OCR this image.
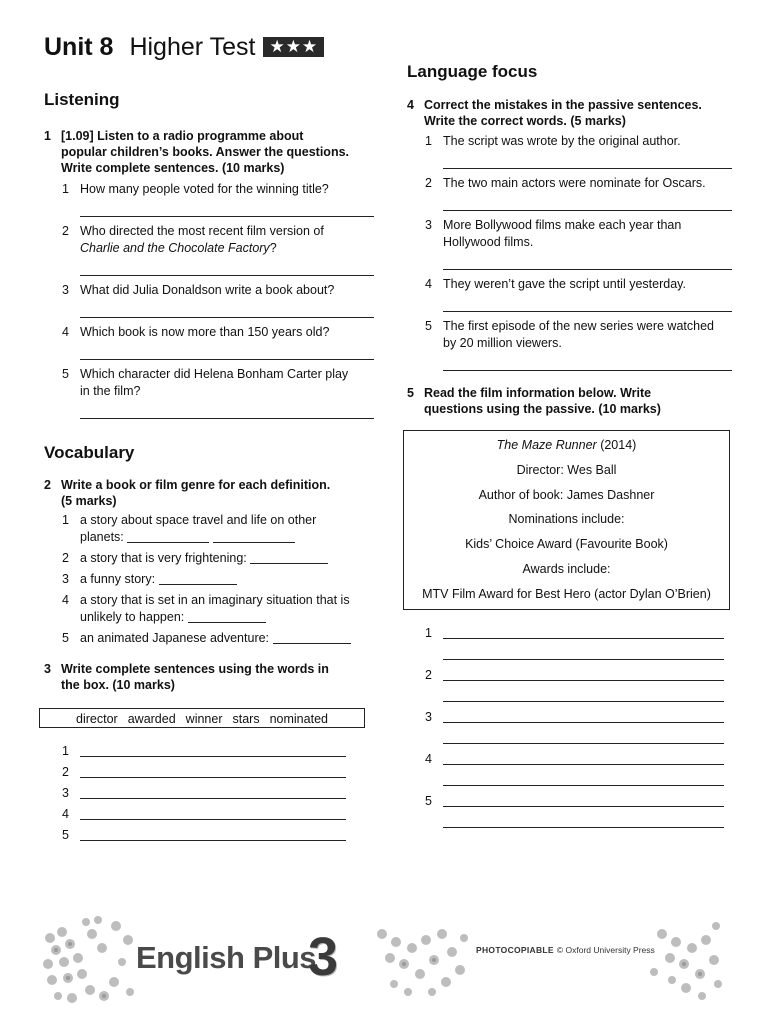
Unit 8 Higher Test ★★★
Listening
1 [1.09] Listen to a radio programme about
popular children’s books. Answer the questions.
Write complete sentences. (10 marks)
1 How many people voted for the winning title?
2 Who directed the most recent film version of
Charlie and the Chocolate Factory?
3 What did Julia Donaldson write a book about?
4 Which book is now more than 150 years old?
5 Which character did Helena Bonham Carter play
in the film?
Vocabulary
2 Write a book or film genre for each definition.
(5 marks)
1 a story about space travel and life on other
planets:
2 a story that is very frightening:
3 a funny story:
4 a story that is set in an imaginary situation that is
unlikely to happen:
5 an animated Japanese adventure:
3 Write complete sentences using the words in
the box. (10 marks)
director awarded winner stars nominated
1
2
3
4
5
Language focus
4 Correct the mistakes in the passive sentences.
Write the correct words. (5 marks)
1 The script was wrote by the original author.
2 The two main actors were nominate for Oscars.
3 More Bollywood films make each year than
Hollywood films.
4 They weren’t gave the script until yesterday.
5 The first episode of the new series were watched
by 20 million viewers.
5 Read the film information below. Write
questions using the passive. (10 marks)
The Maze Runner (2014)
Director: Wes Ball
Author of book: James Dashner
Nominations include:
Kids’ Choice Award (Favourite Book)
Awards include:
MTV Film Award for Best Hero (actor Dylan O’Brien)
1
2
3
4
5
English Plus
3	PHOTOCOPIABLE © Oxford University Press
